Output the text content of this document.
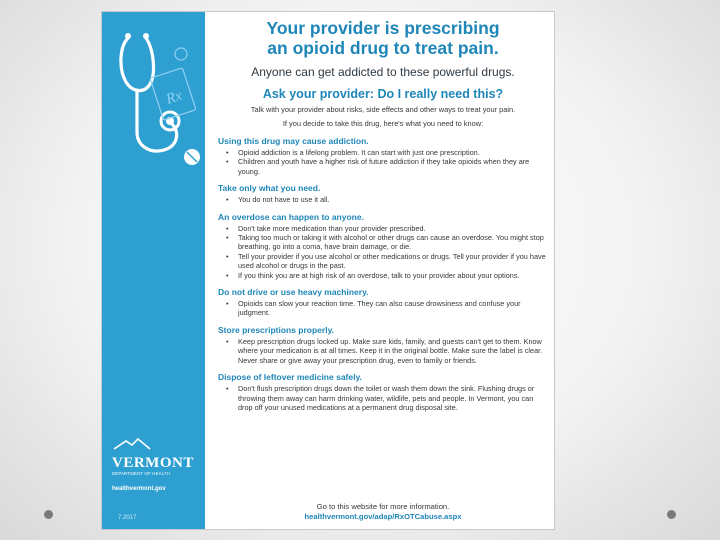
Rx
VERMONT
DEPARTMENT OF HEALTH
healthvermont.gov
7.2017
Your provider is prescribing
an opioid drug to treat pain.
Anyone can get addicted to these powerful drugs.
Ask your provider: Do I really need this?
Talk with your provider about risks, side effects and other ways to treat your pain.
If you decide to take this drug, here's what you need to know:
Using this drug may cause addiction.
• Opioid addiction is a lifelong problem. It can start with just one prescription.
• Children and youth have a higher risk of future addiction if they take opioids when they are young.
Take only what you need.
• You do not have to use it all.
An overdose can happen to anyone.
• Don't take more medication than your provider prescribed.
• Taking too much or taking it with alcohol or other drugs can cause an overdose. You might stop breathing, go into a coma, have brain damage, or die.
• Tell your provider if you use alcohol or other medications or drugs. Tell your provider if you have used alcohol or drugs in the past.
• If you think you are at high risk of an overdose, talk to your provider about your options.
Do not drive or use heavy machinery.
• Opioids can slow your reaction time. They can also cause drowsiness and confuse your judgment.
Store prescriptions properly.
• Keep prescription drugs locked up. Make sure kids, family, and guests can't get to them. Know where your medication is at all times. Keep it in the original bottle. Make sure the label is clear. Never share or give away your prescription drug, even to family or friends.
Dispose of leftover medicine safely.
• Don't flush prescription drugs down the toilet or wash them down the sink. Flushing drugs or throwing them away can harm drinking water, wildlife, pets and people. In Vermont, you can drop off your unused medications at a permanent drug disposal site.
Go to this website for more information.
healthvermont.gov/adap/RxOTCabuse.aspx
